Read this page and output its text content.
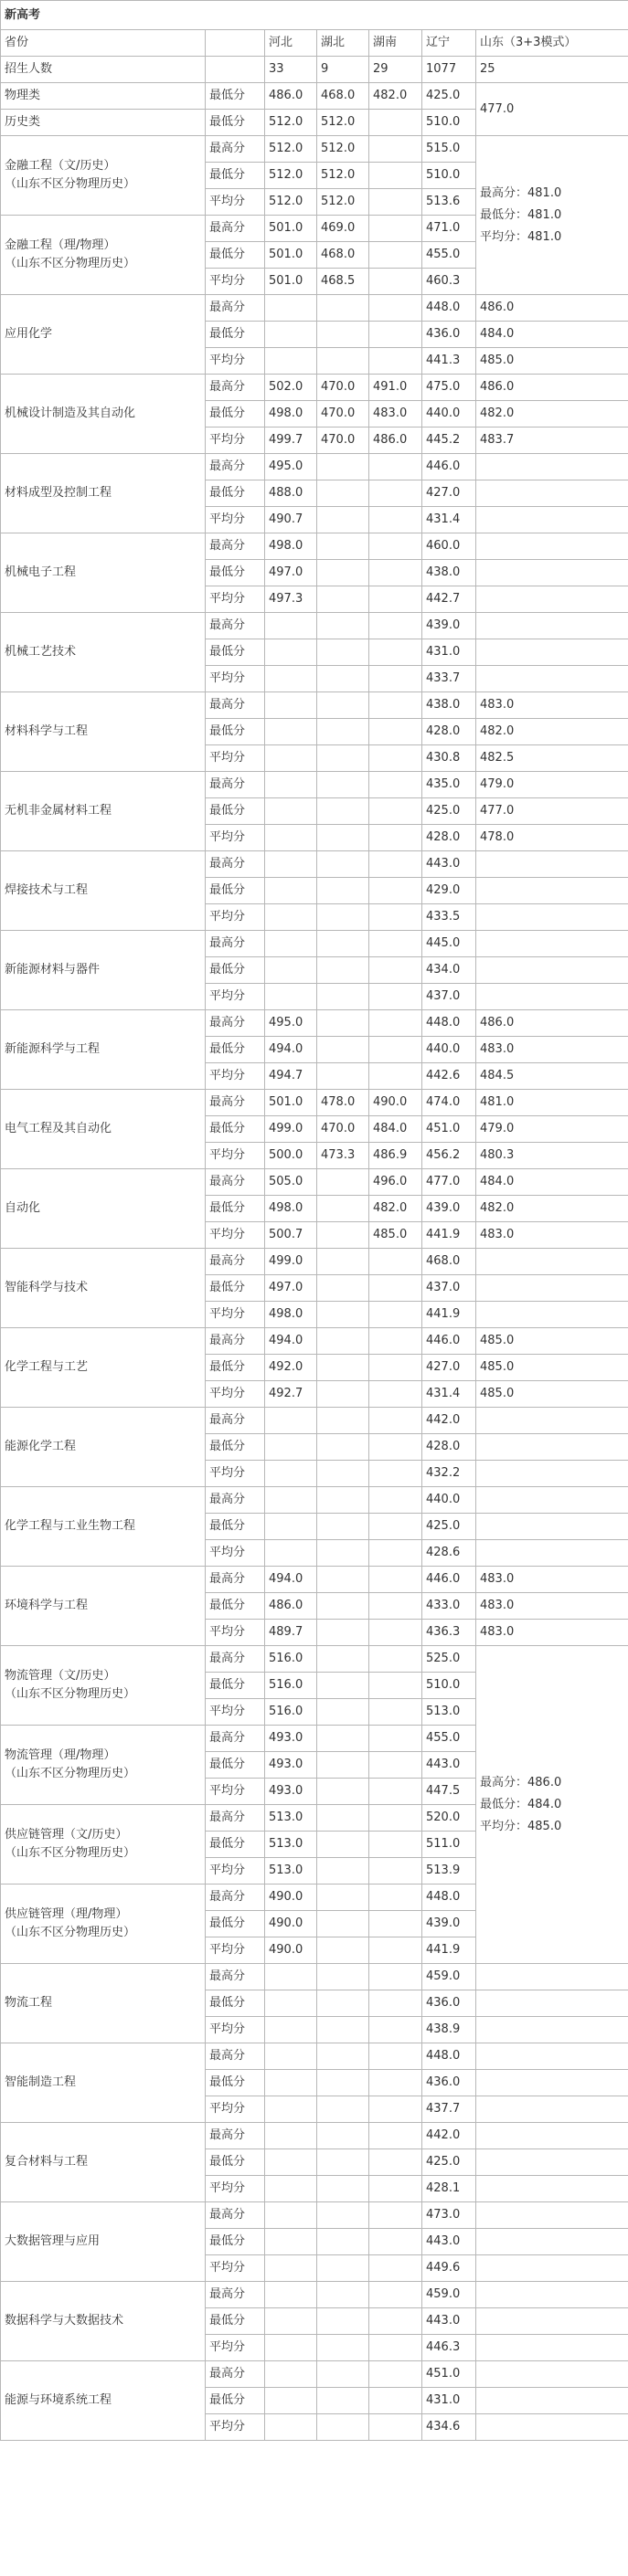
新高考						
省份		河北	湖北	湖南	辽宁	山东（3+3模式）
招生人数		33	9	29	1077	25
物理类	最低分	486.0	468.0	482.0	425.0	477.0
历史类	最低分	512.0	512.0		510.0	
金融工程（文/历史）
（山东不区分物理历史）	最高分	512.0	512.0		515.0	最高分：481.0
最低分：481.0
平均分：481.0
	最低分	512.0	512.0		510.0	
	平均分	512.0	512.0		513.6	
金融工程（理/物理）
（山东不区分物理历史）	最高分	501.0	469.0		471.0	
	最低分	501.0	468.0		455.0	
	平均分	501.0	468.5		460.3	
应用化学	最高分				448.0	486.0
	最低分				436.0	484.0
	平均分				441.3	485.0
机械设计制造及其自动化	最高分	502.0	470.0	491.0	475.0	486.0
	最低分	498.0	470.0	483.0	440.0	482.0
	平均分	499.7	470.0	486.0	445.2	483.7
材料成型及控制工程	最高分	495.0			446.0	
	最低分	488.0			427.0	
	平均分	490.7			431.4	
机械电子工程	最高分	498.0			460.0	
	最低分	497.0			438.0	
	平均分	497.3			442.7	
机械工艺技术	最高分				439.0	
	最低分				431.0	
	平均分				433.7	
材料科学与工程	最高分				438.0	483.0
	最低分				428.0	482.0
	平均分				430.8	482.5
无机非金属材料工程	最高分				435.0	479.0
	最低分				425.0	477.0
	平均分				428.0	478.0
焊接技术与工程	最高分				443.0	
	最低分				429.0	
	平均分				433.5	
新能源材料与器件	最高分				445.0	
	最低分				434.0	
	平均分				437.0	
新能源科学与工程	最高分	495.0			448.0	486.0
	最低分	494.0			440.0	483.0
	平均分	494.7			442.6	484.5
电气工程及其自动化	最高分	501.0	478.0	490.0	474.0	481.0
	最低分	499.0	470.0	484.0	451.0	479.0
	平均分	500.0	473.3	486.9	456.2	480.3
自动化	最高分	505.0		496.0	477.0	484.0
	最低分	498.0		482.0	439.0	482.0
	平均分	500.7		485.0	441.9	483.0
智能科学与技术	最高分	499.0			468.0	
	最低分	497.0			437.0	
	平均分	498.0			441.9	
化学工程与工艺	最高分	494.0			446.0	485.0
	最低分	492.0			427.0	485.0
	平均分	492.7			431.4	485.0
能源化学工程	最高分				442.0	
	最低分				428.0	
	平均分				432.2	
化学工程与工业生物工程	最高分				440.0	
	最低分				425.0	
	平均分				428.6	
环境科学与工程	最高分	494.0			446.0	483.0
	最低分	486.0			433.0	483.0
	平均分	489.7			436.3	483.0
物流管理（文/历史）
（山东不区分物理历史）	最高分	516.0			525.0	最高分：486.0
最低分：484.0
平均分：485.0
	最低分	516.0			510.0	
	平均分	516.0			513.0	
物流管理（理/物理）
（山东不区分物理历史）	最高分	493.0			455.0	
	最低分	493.0			443.0	
	平均分	493.0			447.5	
供应链管理（文/历史）
（山东不区分物理历史）	最高分	513.0			520.0	
	最低分	513.0			511.0	
	平均分	513.0			513.9	
供应链管理（理/物理）
（山东不区分物理历史）	最高分	490.0			448.0	
	最低分	490.0			439.0	
	平均分	490.0			441.9	
物流工程	最高分				459.0	
	最低分				436.0	
	平均分				438.9	
智能制造工程	最高分				448.0	
	最低分				436.0	
	平均分				437.7	
复合材料与工程	最高分				442.0	
	最低分				425.0	
	平均分				428.1	
大数据管理与应用	最高分				473.0	
	最低分				443.0	
	平均分				449.6	
数据科学与大数据技术	最高分				459.0	
	最低分				443.0	
	平均分				446.3	
能源与环境系统工程	最高分				451.0	
	最低分				431.0	
	平均分				434.6	
